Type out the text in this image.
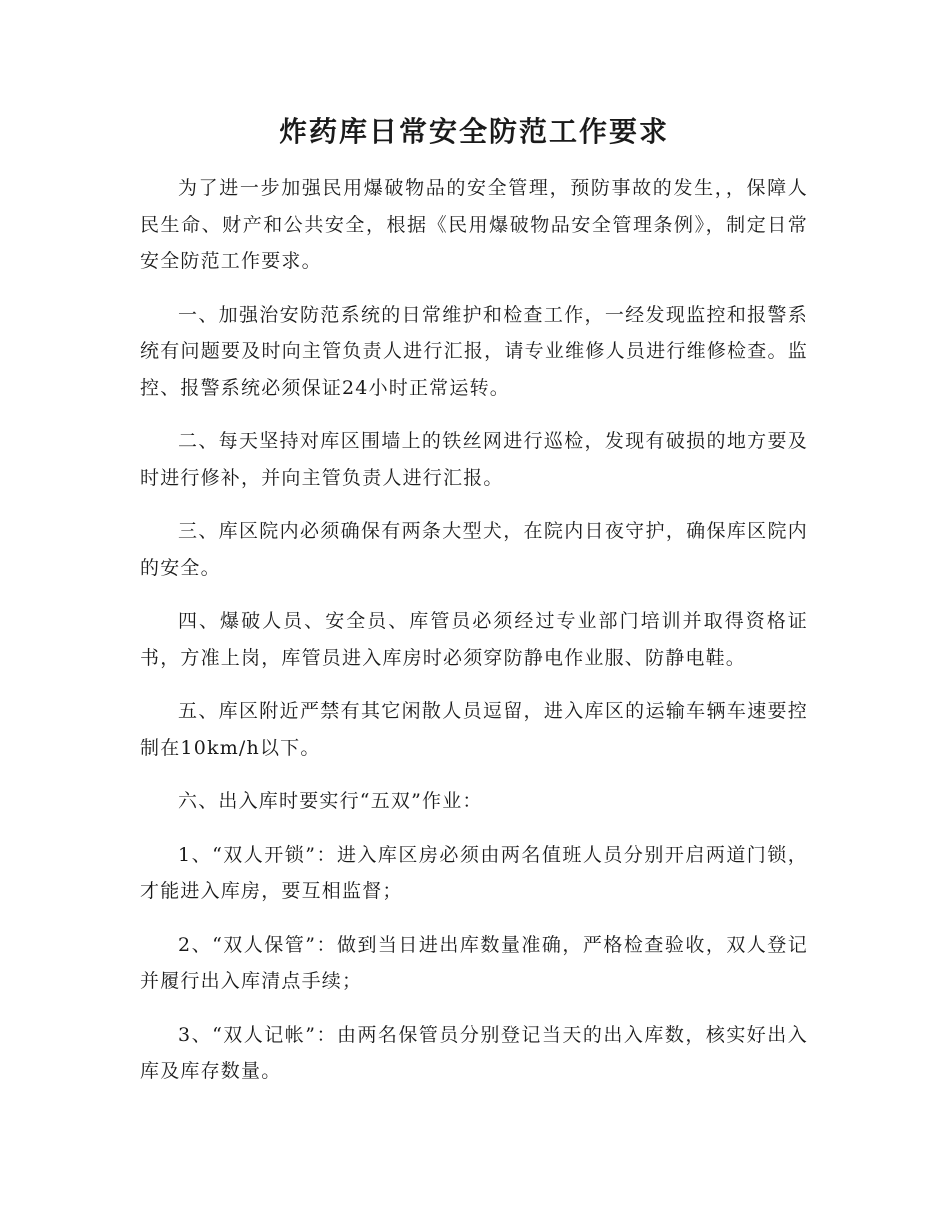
炸药库日常安全防范工作要求

为了进一步加强民用爆破物品的安全管理，预防事故的发生，，保障人民生命、财产和公共安全，根据《民用爆破物品安全管理条例》，制定日常安全防范工作要求。

一、加强治安防范系统的日常维护和检查工作，一经发现监控和报警系统有问题要及时向主管负责人进行汇报，请专业维修人员进行维修检查。监控、报警系统必须保证24小时正常运转。

二、每天坚持对库区围墙上的铁丝网进行巡检，发现有破损的地方要及时进行修补，并向主管负责人进行汇报。

三、库区院内必须确保有两条大型犬，在院内日夜守护，确保库区院内的安全。

四、爆破人员、安全员、库管员必须经过专业部门培训并取得资格证书，方准上岗，库管员进入库房时必须穿防静电作业服、防静电鞋。

五、库区附近严禁有其它闲散人员逗留，进入库区的运输车辆车速要控制在10km/h以下。

六、出入库时要实行“五双”作业：

1、“双人开锁”：进入库区房必须由两名值班人员分别开启两道门锁，才能进入库房，要互相监督；

2、“双人保管”：做到当日进出库数量准确，严格检查验收，双人登记并履行出入库清点手续；

3、“双人记帐”：由两名保管员分别登记当天的出入库数，核实好出入库及库存数量。
